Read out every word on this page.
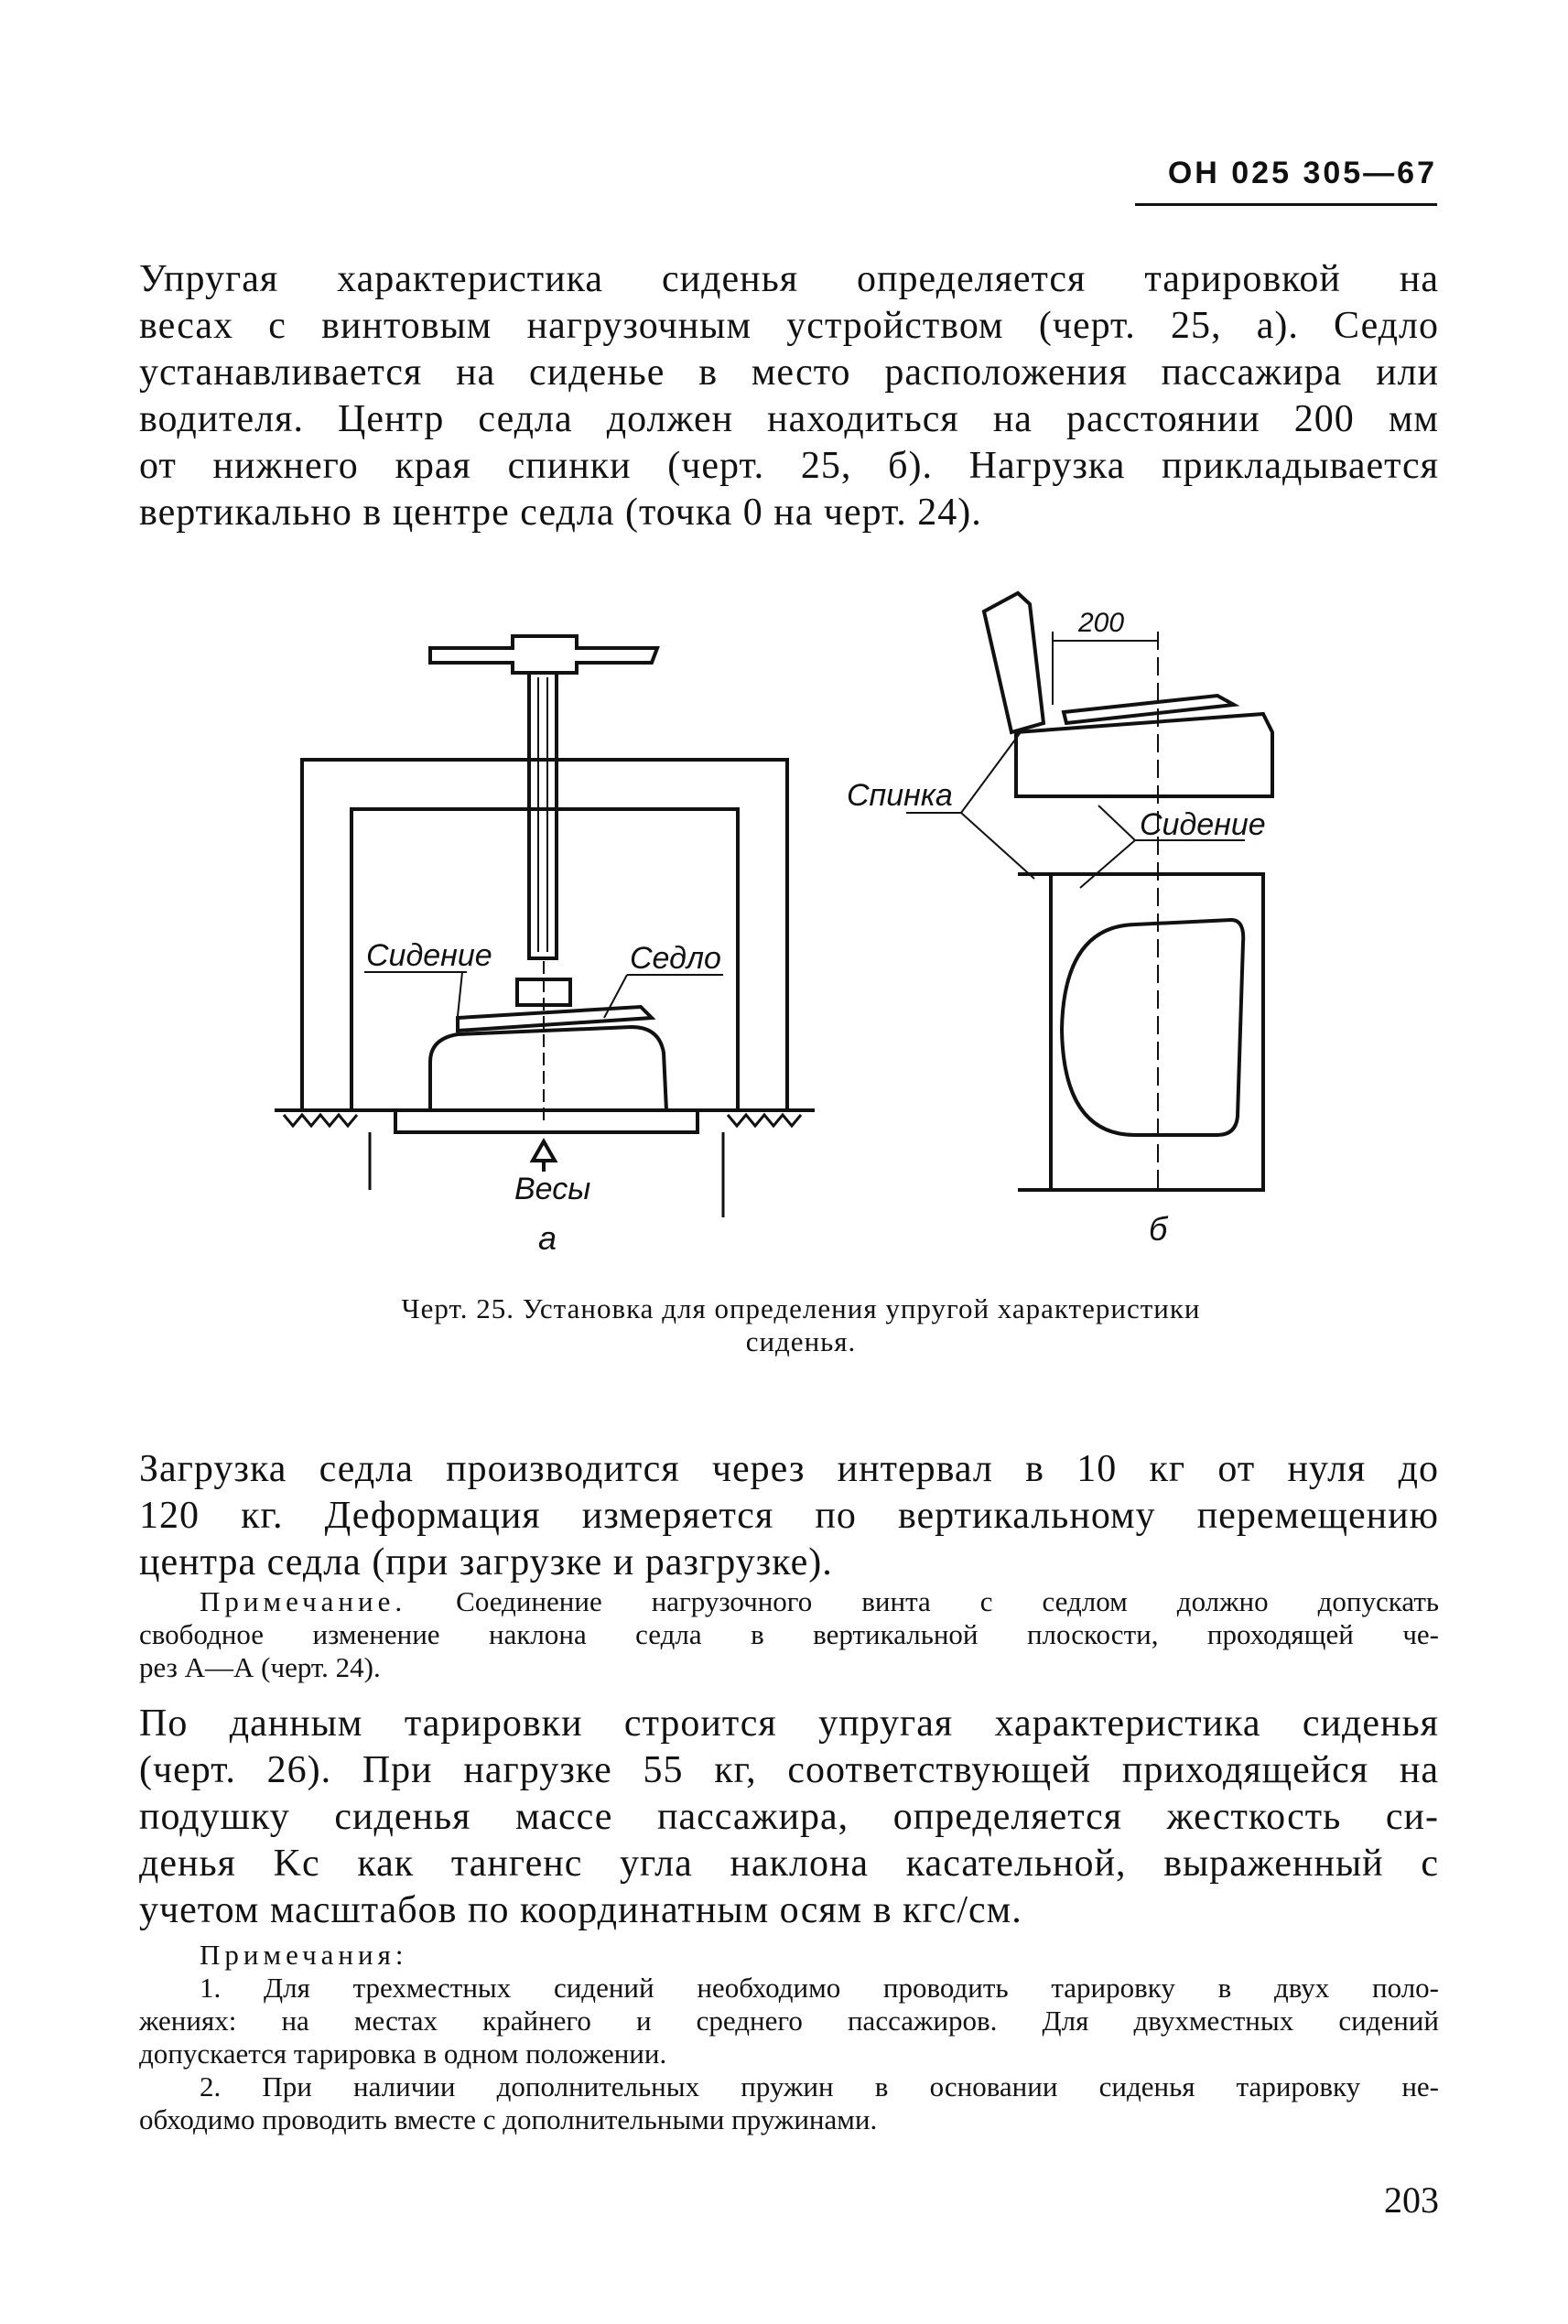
ОН 025 305—67
Упругая характеристика сиденья определяется тарировкой на
весах с винтовым нагрузочным устройством (черт. 25, а). Седло
устанавливается на сиденье в место расположения пассажира или
водителя. Центр седла должен находиться на расстоянии 200 мм
от нижнего края спинки (черт. 25, б). Нагрузка прикладывается
вертикально в центре седла (точка 0 на черт. 24).
Сидение	Седло
Весы
а
Спинка
Сидение
200
б
Черт. 25. Установка для определения упругой характеристики
сиденья.
Загрузка седла производится через интервал в 10 кг от нуля до
120 кг. Деформация измеряется по вертикальному перемещению
центра седла (при загрузке и разгрузке).
Примечание. Соединение нагрузочного винта с седлом должно допускать
свободное изменение наклона седла в вертикальной плоскости, проходящей че-
рез А—А (черт. 24).
По данным тарировки строится упругая характеристика сиденья
(черт. 26). При нагрузке 55 кг, соответствующей приходящейся на
подушку сиденья массе пассажира, определяется жесткость си-
денья Kс как тангенс угла наклона касательной, выраженный с
учетом масштабов по координатным осям в кгс/см.
Примечания:
1. Для трехместных сидений необходимо проводить тарировку в двух поло-
жениях: на местах крайнего и среднего пассажиров. Для двухместных сидений
допускается тарировка в одном положении.
2. При наличии дополнительных пружин в основании сиденья тарировку не-
обходимо проводить вместе с дополнительными пружинами.
203
